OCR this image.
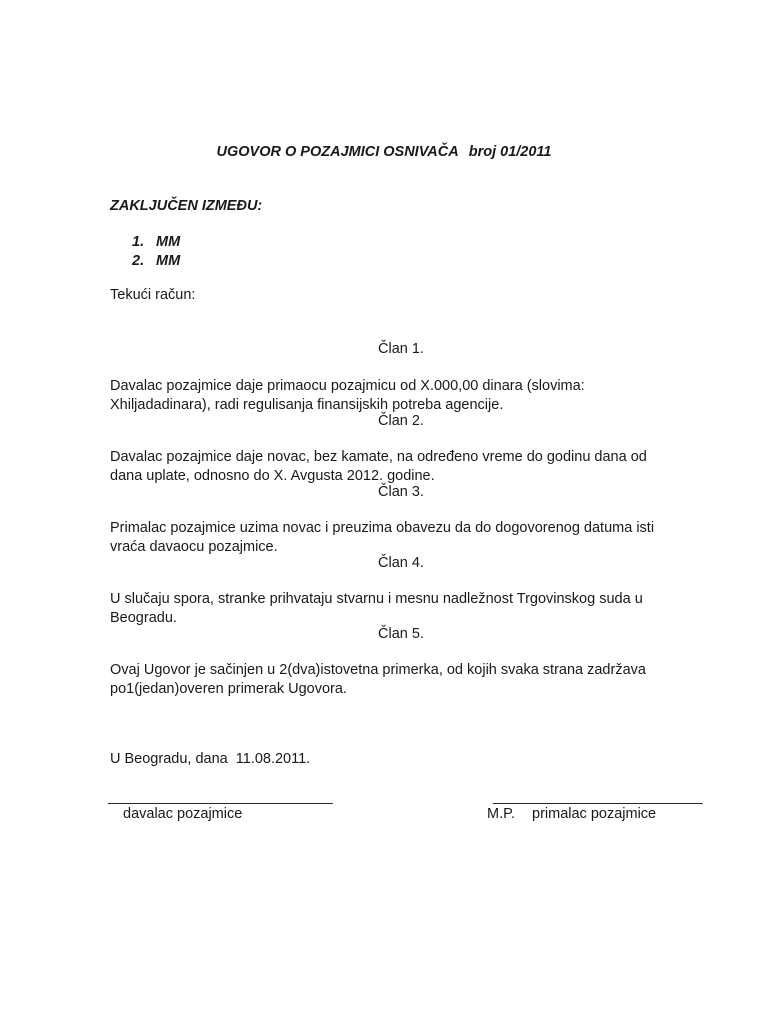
UGOVOR O POZAJMICI OSNIVAČA broj 01/2011
ZAKLJUČEN IZMEĐU:
1. MM
2. MM
Tekući račun:
Član 1.
Davalac pozajmice daje primaocu pozajmicu od X.000,00 dinara (slovima:
Xhiljadadinara), radi regulisanja finansijskih potreba agencije.
Član 2.
Davalac pozajmice daje novac, bez kamate, na određeno vreme do godinu dana od
dana uplate, odnosno do X. Avgusta 2012. godine.
Član 3.
Primalac pozajmice uzima novac i preuzima obavezu da do dogovorenog datuma isti
vraća davaocu pozajmice.
Član 4.
U slučaju spora, stranke prihvataju stvarnu i mesnu nadležnost Trgovinskog suda u
Beogradu.
Član 5.
Ovaj Ugovor je sačinjen u 2(dva)istovetna primerka, od kojih svaka strana zadržava
po1(jedan)overen primerak Ugovora.
U Beogradu, dana  11.08.2011.
______________________________	____________________________
davalac pozajmice	M.P. primalac pozajmice
